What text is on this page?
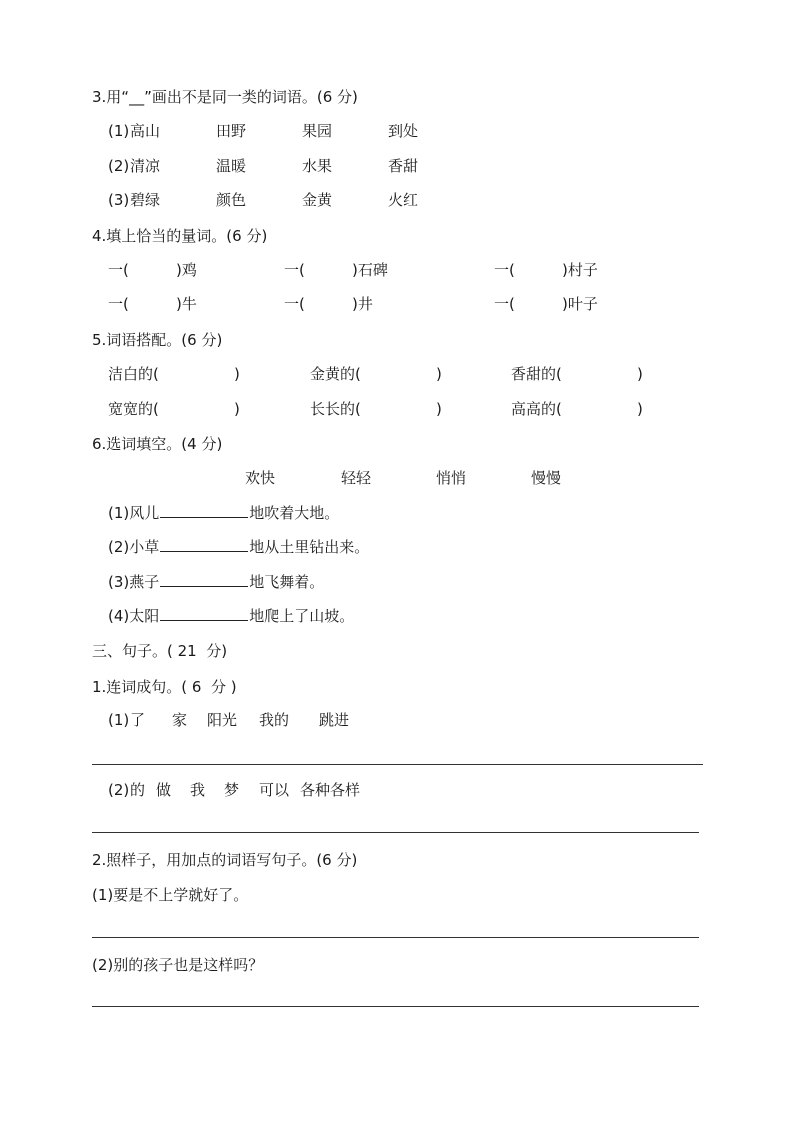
3.用“__”画出不是同一类的词语。(6 分)
(1) 高山	田野	果园	到处
(2) 清凉	温暖	水果	香甜
(3) 碧绿	颜色	金黄	火红
4.填上恰当的量词。(6 分)
一(	)鸡	一(	)石碑	一(	)村子
一(	)牛	一(	)井	一(	)叶子
5.词语搭配。(6 分)
洁白的(	)	金黄的(	)	香甜的(	)
宽宽的(	)	长长的(	)	高高的(	)
6.选词填空。(4 分)
欢快	轻轻	悄悄	慢慢
(1)风儿	地吹着大地。
(2)小草	地从土里钻出来。
(3)燕子	地飞舞着。
(4)太阳	地爬上了山坡。
三、句子。( 21  分)
1.连词成句。( 6  分 )
(1) 了 家 阳光 我的 跳进
(2) 的 做 我 梦 可以 各种各样
2.照样子，用加点的词语写句子。(6 分)
(1)要是不上学就好了。
(2)别的孩子也是这样吗？
